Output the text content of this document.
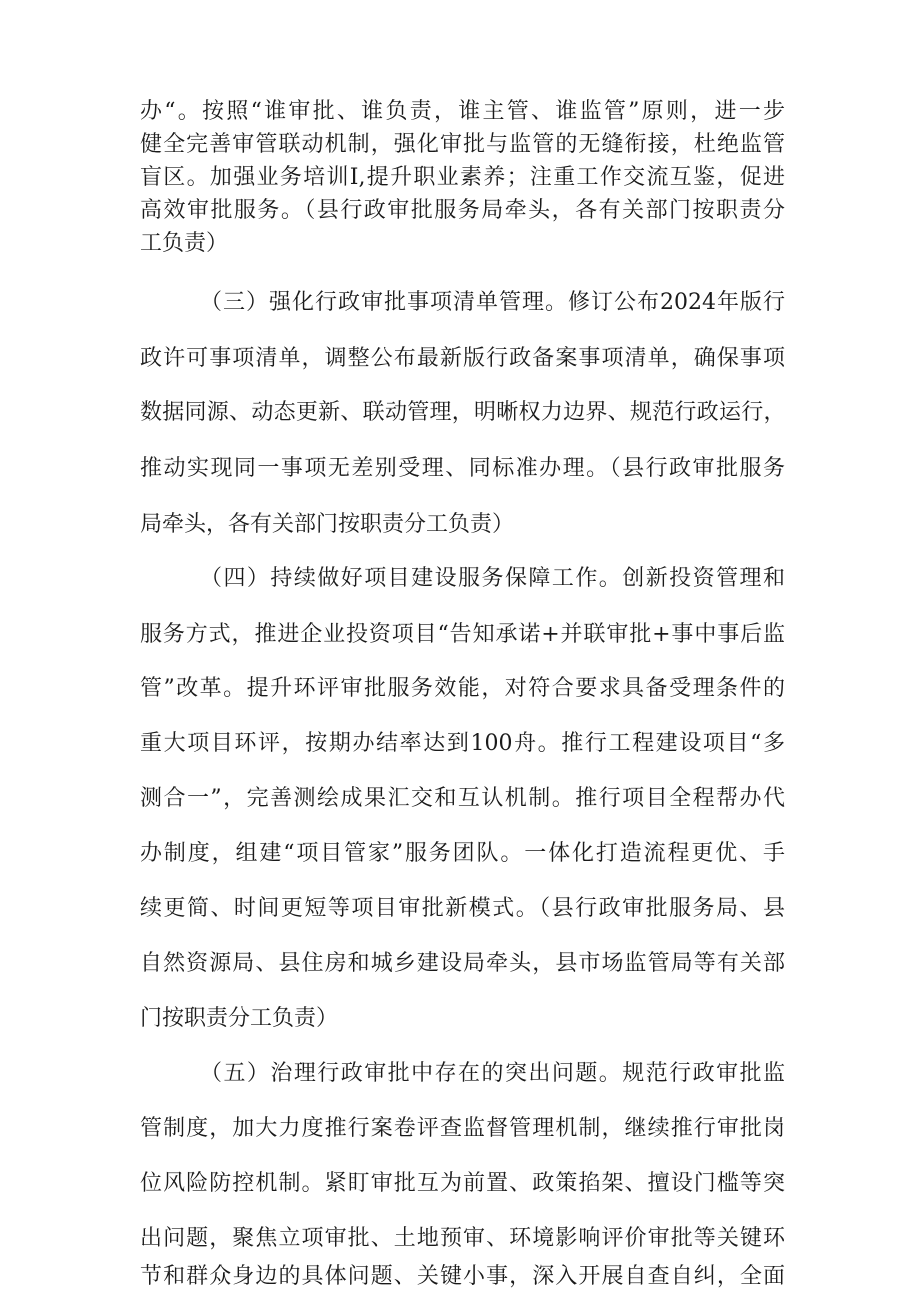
办“。按照“谁审批、谁负责，谁主管、谁监管”原则，进一步

健全完善审管联动机制，强化审批与监管的无缝衔接，杜绝监管

盲区。加强业务培训I,提升职业素养；注重工作交流互鉴，促进

高效审批服务。（县行政审批服务局牵头，各有关部门按职责分

工负责）

（三）强化行政审批事项清单管理。修订公布2024年版行

政许可事项清单，调整公布最新版行政备案事项清单，确保事项

数据同源、动态更新、联动管理，明晰权力边界、规范行政运行，

推动实现同一事项无差别受理、同标准办理。（县行政审批服务

局牵头，各有关部门按职责分工负责）

（四）持续做好项目建设服务保障工作。创新投资管理和

服务方式，推进企业投资项目“告知承诺+并联审批+事中事后监

管”改革。提升环评审批服务效能，对符合要求具备受理条件的

重大项目环评，按期办结率达到100舟。推行工程建设项目“多

测合一”，完善测绘成果汇交和互认机制。推行项目全程帮办代

办制度，组建“项目管家”服务团队。一体化打造流程更优、手

续更简、时间更短等项目审批新模式。（县行政审批服务局、县

自然资源局、县住房和城乡建设局牵头，县市场监管局等有关部

门按职责分工负责）

（五）治理行政审批中存在的突出问题。规范行政审批监

管制度，加大力度推行案卷评查监督管理机制，继续推行审批岗

位风险防控机制。紧盯审批互为前置、政策掐架、擅设门槛等突

出问题，聚焦立项审批、土地预审、环境影响评价审批等关键环

节和群众身边的具体问题、关键小事，深入开展自查自纠，全面
